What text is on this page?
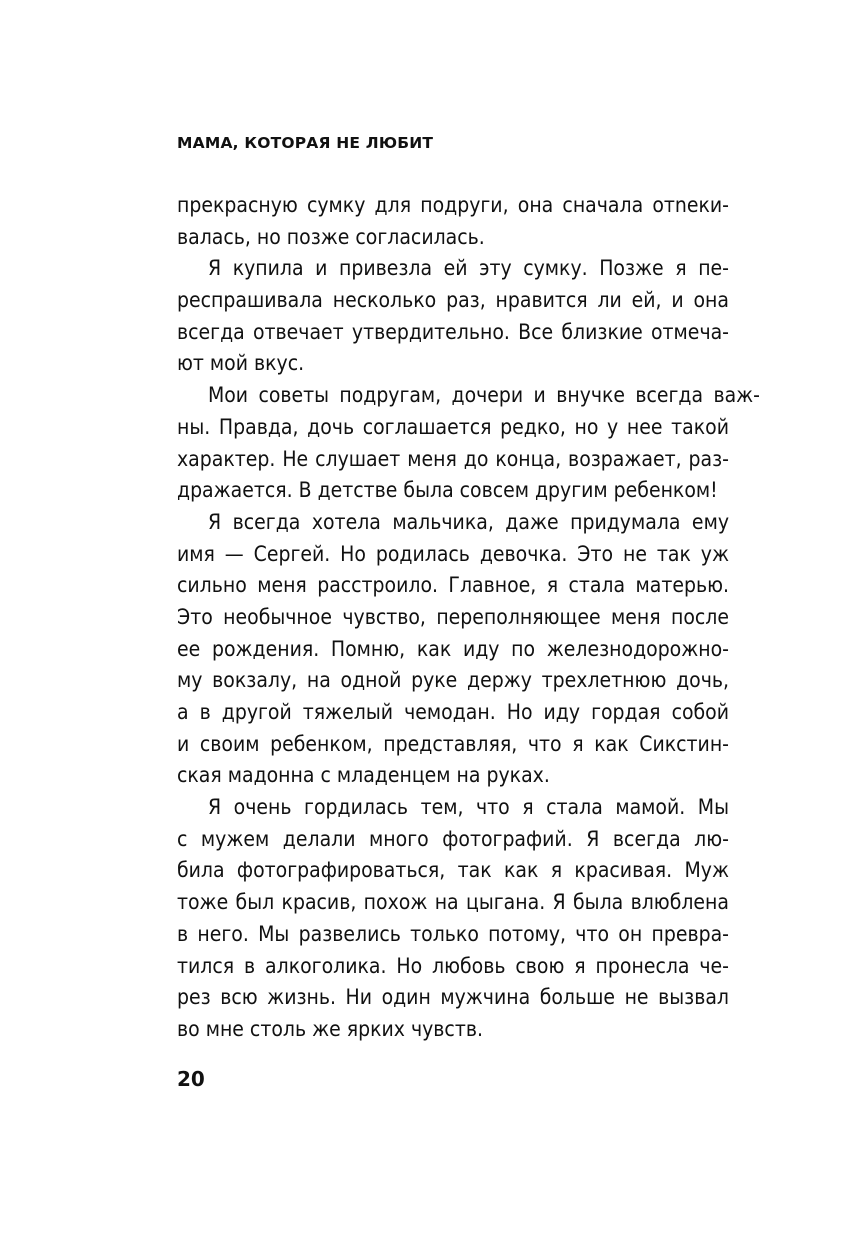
МАМА, КОТОРАЯ НЕ ЛЮБИТ
прекрасную сумку для подруги, она сначала отneки-
валась, но позже согласилась.
Я купила и привезла ей эту сумку. Позже я пе-
респрашивала несколько раз, нравится ли ей, и она
всегда отвечает утвердительно. Все близкие отмеча-
ют мой вкус.
Мои советы подругам, дочери и внучке всегда важ-
ны. Правда, дочь соглашается редко, но у нее такой
характер. Не слушает меня до конца, возражает, раз-
дражается. В детстве была совсем другим ребенком!
Я всегда хотела мальчика, даже придумала ему
имя — Сергей. Но родилась девочка. Это не так уж
сильно меня расстроило. Главное, я стала матерью.
Это необычное чувство, переполняющее меня после
ее рождения. Помню, как иду по железнодорожно-
му вокзалу, на одной руке держу трехлетнюю дочь,
а в другой тяжелый чемодан. Но иду гордая собой
и своим ребенком, представляя, что я как Сикстин-
ская мадонна с младенцем на руках.
Я очень гордилась тем, что я стала мамой. Мы
с мужем делали много фотографий. Я всегда лю-
била фотографироваться, так как я красивая. Муж
тоже был красив, похож на цыгана. Я была влюблена
в него. Мы развелись только потому, что он превра-
тился в алкоголика. Но любовь свою я пронесла че-
рез всю жизнь. Ни один мужчина больше не вызвал
во мне столь же ярких чувств.
20
